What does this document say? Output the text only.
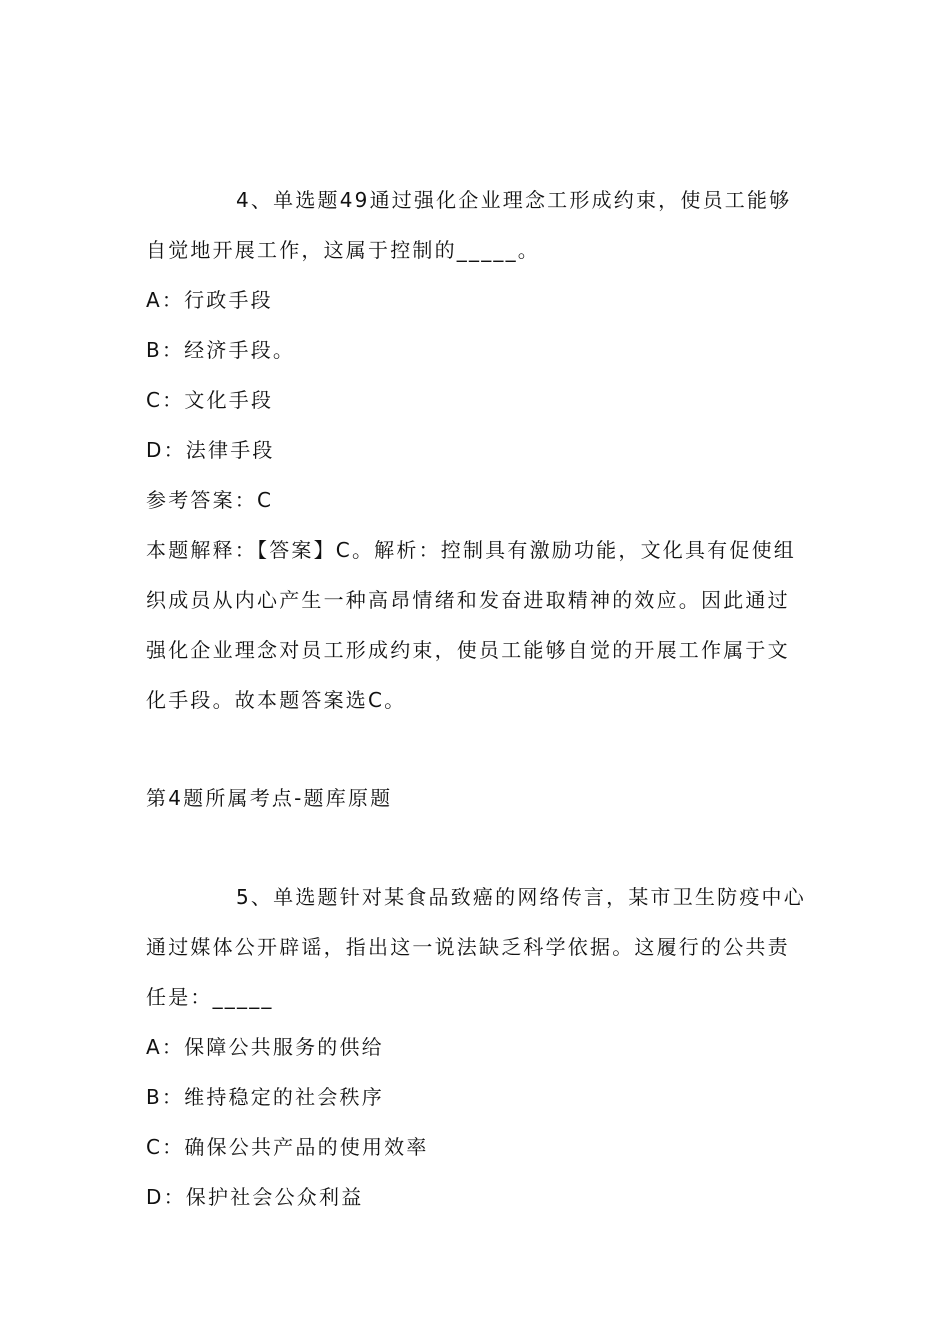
4、单选题49通过强化企业理念工形成约束，使员工能够
自觉地开展工作，这属于控制的_____。
A：行政手段
B：经济手段。
C：文化手段
D：法律手段
参考答案：C
本题解释：【答案】C。解析：控制具有激励功能，文化具有促使组
织成员从内心产生一种高昂情绪和发奋进取精神的效应。因此通过
强化企业理念对员工形成约束，使员工能够自觉的开展工作属于文
化手段。故本题答案选C。
第4题所属考点-题库原题
5、单选题针对某食品致癌的网络传言，某市卫生防疫中心
通过媒体公开辟谣，指出这一说法缺乏科学依据。这履行的公共责
任是：_____
A：保障公共服务的供给
B：维持稳定的社会秩序
C：确保公共产品的使用效率
D：保护社会公众利益
